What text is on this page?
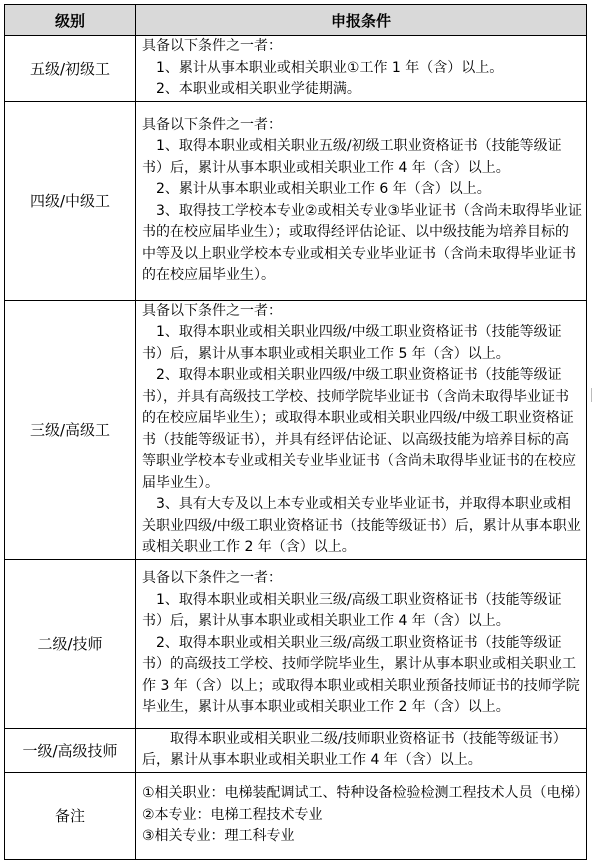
级别	申报条件
五级/初级工	具备以下条件之一者：
1、累计从事本职业或相关职业①工作 1 年（含）以上。
2、本职业或相关职业学徒期满。

四级/中级工	具备以下条件之一者：
1、取得本职业或相关职业五级/初级工职业资格证书（技能等级证书）后，累计从事本职业或相关职业工作 4 年（含）以上。
2、累计从事本职业或相关职业工作 6 年（含）以上。
3、取得技工学校本专业②或相关专业③毕业证书（含尚未取得毕业证书的在校应届毕业生）；或取得经评估论证、以中级技能为培养目标的中等及以上职业学校本专业或相关专业毕业证书（含尚未取得毕业证书的在校应届毕业生）。

三级/高级工	具备以下条件之一者：
1、取得本职业或相关职业四级/中级工职业资格证书（技能等级证书）后，累计从事本职业或相关职业工作 5 年（含）以上。
2、取得本职业或相关职业四级/中级工职业资格证书（技能等级证书），并具有高级技工学校、技师学院毕业证书（含尚未取得毕业证书的在校应届毕业生）；或取得本职业或相关职业四级/中级工职业资格证书（技能等级证书），并具有经评估论证、以高级技能为培养目标的高等职业学校本专业或相关专业毕业证书（含尚未取得毕业证书的在校应届毕业生）。
3、具有大专及以上本专业或相关专业毕业证书，并取得本职业或相关职业四级/中级工职业资格证书（技能等级证书）后，累计从事本职业或相关职业工作 2 年（含）以上。

二级/技师	具备以下条件之一者：
1、取得本职业或相关职业三级/高级工职业资格证书（技能等级证书）后，累计从事本职业或相关职业工作 4 年（含）以上。
2、取得本职业或相关职业三级/高级工职业资格证书（技能等级证书）的高级技工学校、技师学院毕业生，累计从事本职业或相关职业工作 3 年（含）以上；或取得本职业或相关职业预备技师证书的技师学院毕业生，累计从事本职业或相关职业工作 2 年（含）以上。

一级/高级技师	取得本职业或相关职业二级/技师职业资格证书（技能等级证书）后，累计从事本职业或相关职业工作 4 年（含）以上。

备注	①相关职业：电梯装配调试工、特种设备检验检测工程技术人员（电梯）
②本专业：电梯工程技术专业
③相关专业：理工科专业
